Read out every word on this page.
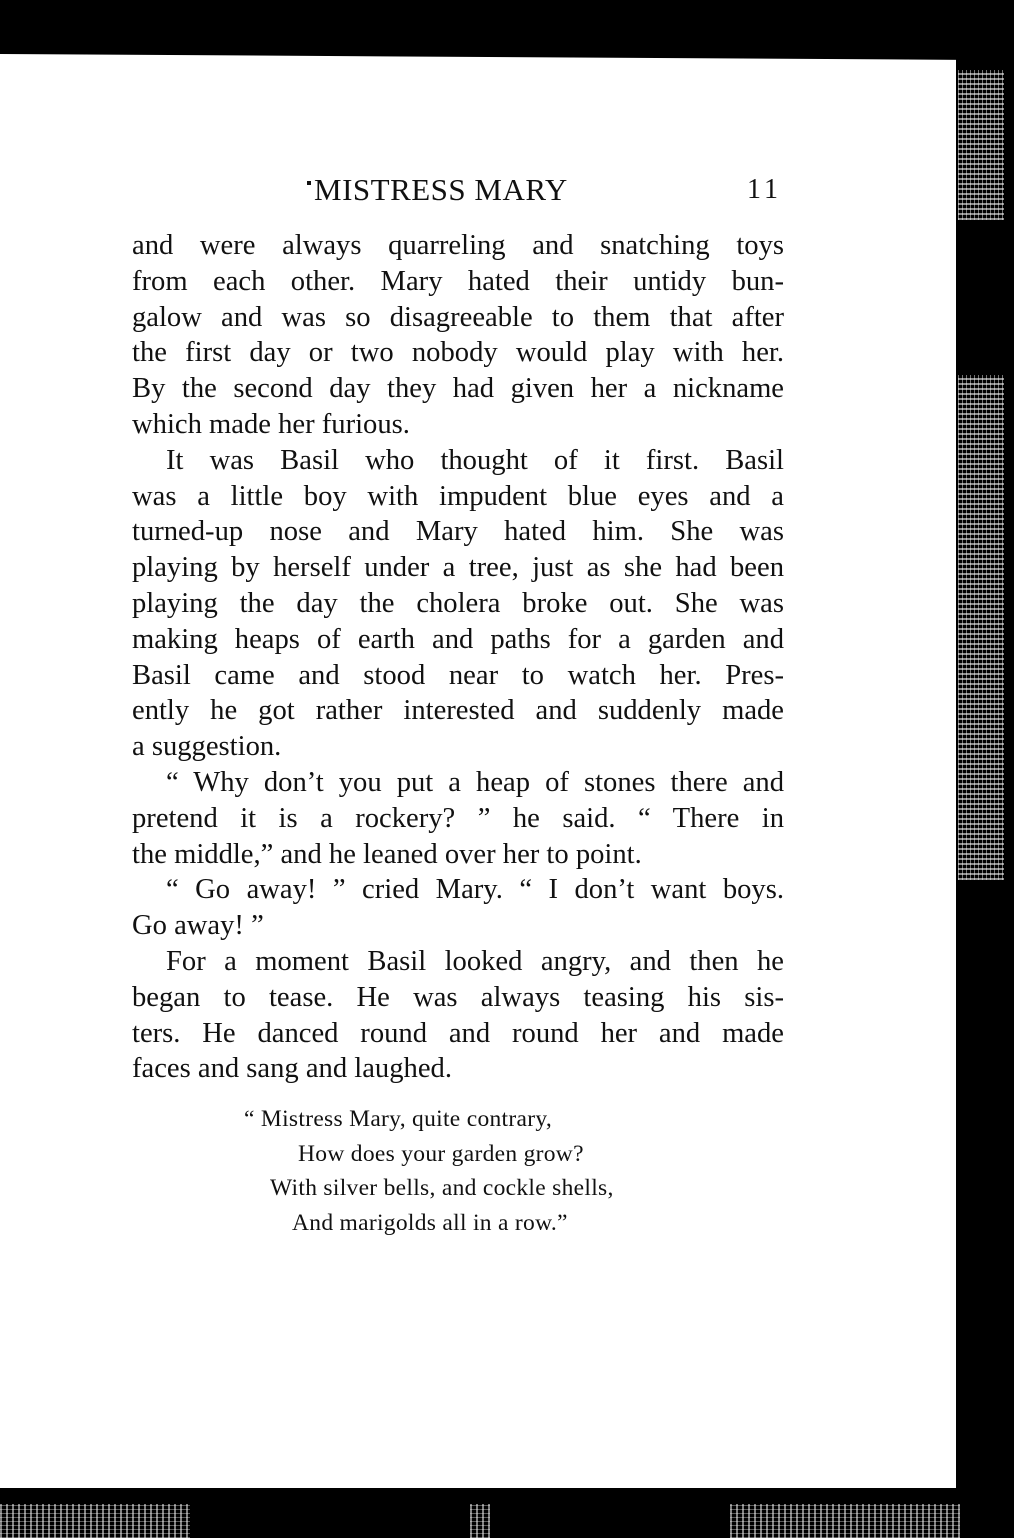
MISTRESS MARY	11
and were always quarreling and snatching toys
from each other. Mary hated their untidy bun-
galow and was so disagreeable to them that after
the first day or two nobody would play with her.
By the second day they had given her a nickname
which made her furious.
It was Basil who thought of it first. Basil
was a little boy with impudent blue eyes and a
turned-up nose and Mary hated him. She was
playing by herself under a tree, just as she had been
playing the day the cholera broke out. She was
making heaps of earth and paths for a garden and
Basil came and stood near to watch her. Pres-
ently he got rather interested and suddenly made
a suggestion.
“ Why don’t you put a heap of stones there and
pretend it is a rockery? ” he said. “ There in
the middle,” and he leaned over her to point.
“ Go away! ” cried Mary. “ I don’t want boys.
Go away! ”
For a moment Basil looked angry, and then he
began to tease. He was always teasing his sis-
ters. He danced round and round her and made
faces and sang and laughed.
“ Mistress Mary, quite contrary,
How does your garden grow?
With silver bells, and cockle shells,
And marigolds all in a row.”
